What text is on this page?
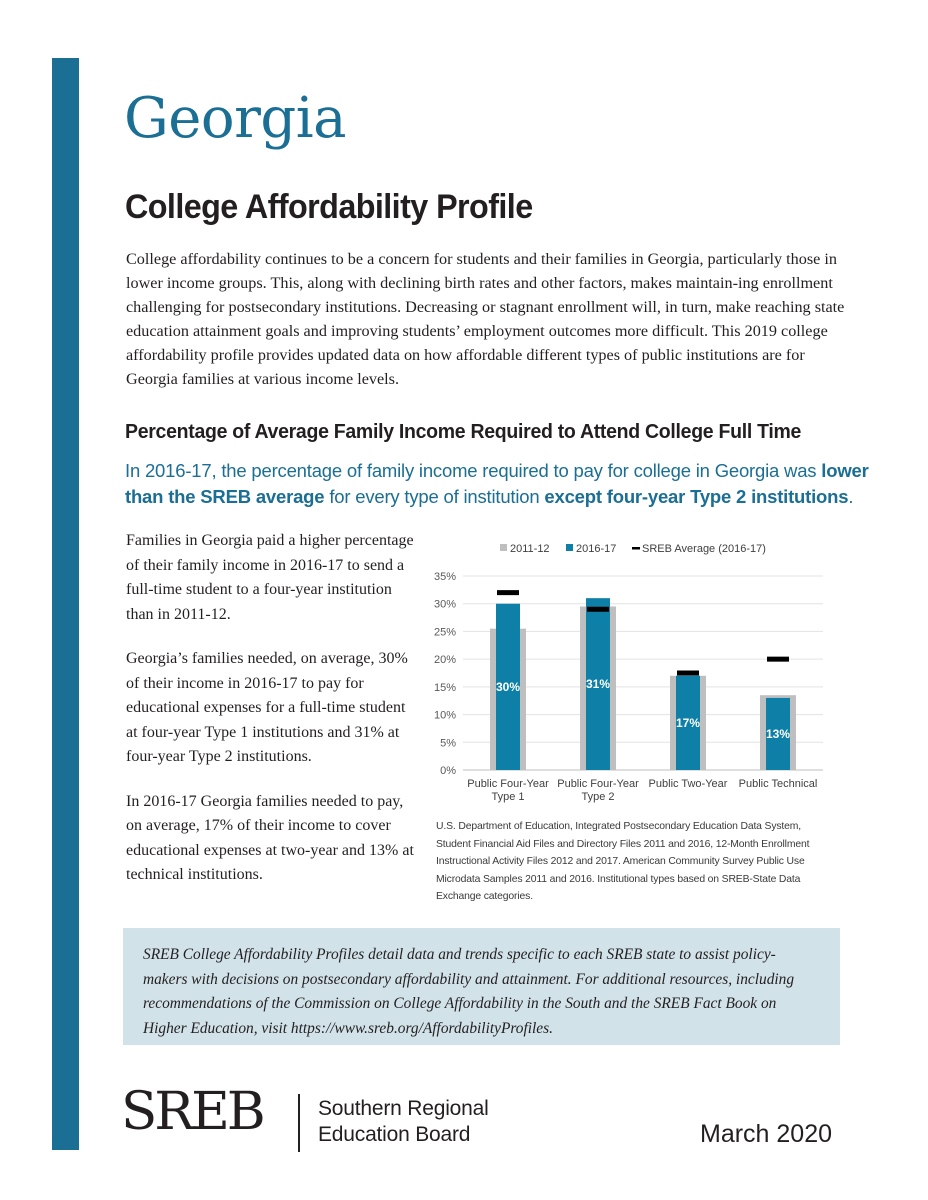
Georgia
College Affordability Profile

College affordability continues to be a concern for students and their families in Georgia, particularly those in lower income groups. This, along with declining birth rates and other factors, makes maintain-ing enrollment challenging for postsecondary institutions. Decreasing or stagnant enrollment will, in turn, make reaching state education attainment goals and improving students’ employment outcomes more difficult. This 2019 college affordability profile provides updated data on how affordable different types of public institutions are for Georgia families at various income levels.

Percentage of Average Family Income Required to Attend College Full Time

In 2016-17, the percentage of family income required to pay for college in Georgia was lower than the SREB average for every type of institution except four-year Type 2 institutions.

Families in Georgia paid a higher percentage of their family income in 2016-17 to send a full-time student to a four-year institution than in 2011-12.

Georgia’s families needed, on average, 30% of their income in 2016-17 to pay for educational expenses for a full-time student at four-year Type 1 institutions and 31% at four-year Type 2 institutions.

In 2016-17 Georgia families needed to pay, on average, 17% of their income to cover educational expenses at two-year and 13% at technical institutions.

0%
5%
10%
15%
20%
25%
30%
35%
2011-12 2016-17 SREB Average (2016-17)
30%
Public Four-Year
Type 1
31%
Public Four-Year
Type 2
17%
Public Two-Year
13%
Public Technical

U.S. Department of Education, Integrated Postsecondary Education Data System, Student Financial Aid Files and Directory Files 2011 and 2016, 12-Month Enrollment Instructional Activity Files 2012 and 2017. American Community Survey Public Use Microdata Samples 2011 and 2016. Institutional types based on SREB-State Data Exchange categories.

SREB College Affordability Profiles detail data and trends specific to each SREB state to assist policy-makers with decisions on postsecondary affordability and attainment. For additional resources, including recommendations of the Commission on College Affordability in the South and the SREB Fact Book on Higher Education, visit https://www.sreb.org/AffordabilityProfiles.

SREB	Southern Regional
Education Board	March 2020
